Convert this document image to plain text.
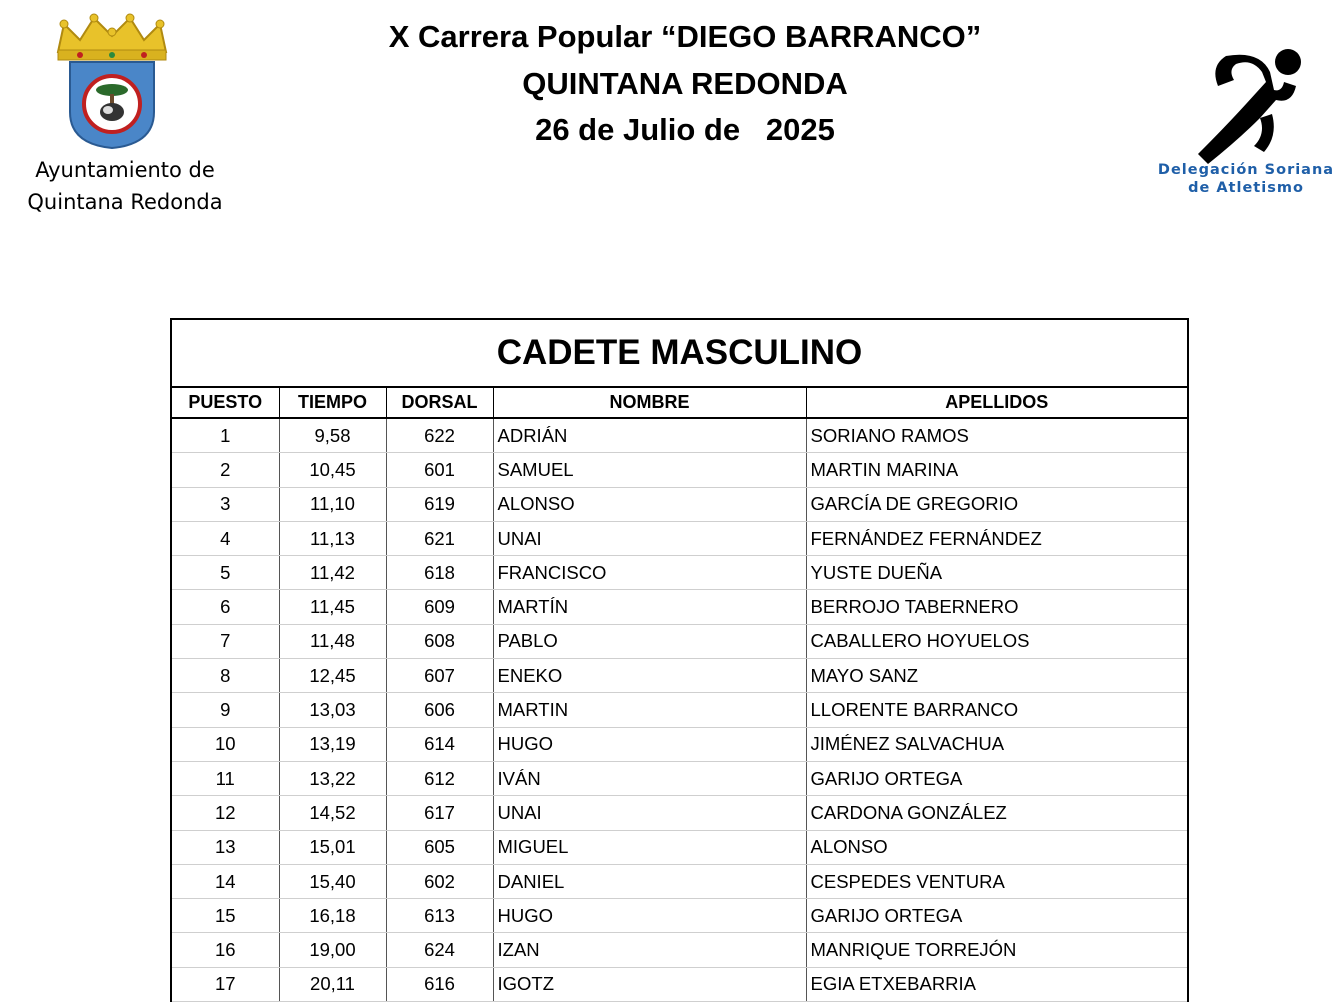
Ayuntamiento de
Quintana Redonda
X Carrera Popular “DIEGO BARRANCO”
QUINTANA REDONDA
26 de Julio de   2025
Delegación Soriana
de Atletismo
CADETE MASCULINO
PUESTO	TIEMPO	DORSAL	NOMBRE	APELLIDOS
1	9,58	622	ADRIÁN	SORIANO RAMOS
2	10,45	601	SAMUEL	MARTIN MARINA
3	11,10	619	ALONSO	GARCÍA DE GREGORIO
4	11,13	621	UNAI	FERNÁNDEZ FERNÁNDEZ
5	11,42	618	FRANCISCO	YUSTE DUEÑA
6	11,45	609	MARTÍN	BERROJO TABERNERO
7	11,48	608	PABLO	CABALLERO HOYUELOS
8	12,45	607	ENEKO	MAYO SANZ
9	13,03	606	MARTIN	LLORENTE BARRANCO
10	13,19	614	HUGO	JIMÉNEZ SALVACHUA
11	13,22	612	IVÁN	GARIJO ORTEGA
12	14,52	617	UNAI	CARDONA GONZÁLEZ
13	15,01	605	MIGUEL	ALONSO
14	15,40	602	DANIEL	CESPEDES VENTURA
15	16,18	613	HUGO	GARIJO ORTEGA
16	19,00	624	IZAN	MANRIQUE TORREJÓN
17	20,11	616	IGOTZ	EGIA ETXEBARRIA
